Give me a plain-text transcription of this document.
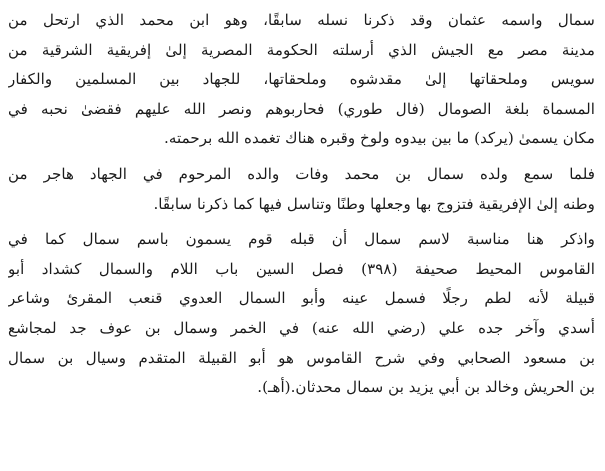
سمال واسمه عثمان وقد ذكرنا نسله سابقًا، وهو ابن محمد الذي ارتحل من
مدينة مصر مع الجيش الذي أرسلته الحكومة المصرية إلىٰ إفريقية الشرقية من
سويس وملحقاتها إلىٰ مقدشوه وملحقاتها، للجهاد بين المسلمين والكفار
المسماة بلغة الصومال (فال طوري) فحاربوهم ونصر الله عليهم فقضىٰ نحبه في
مكان يسمىٰ (يركد) ما بين بيدوه ولوخ وقبره هناك تغمده الله برحمته.

فلما سمع ولده سمال بن محمد وفات والده المرحوم في الجهاد هاجر من
وطنه إلىٰ الإفريقية فتزوج بها وجعلها وطنًا وتناسل فيها كما ذكرنا سابقًا.

واذكر هنا مناسبة لاسم سمال أن قبله قوم يسمون باسم سمال كما في
القاموس المحيط صحيفة (٣٩٨) فصل السين باب اللام والسمال كشداد أبو
قبيلة لأنه لطم رجلًا فسمل عينه وأبو السمال العدوي قنعب المقرئ وشاعر
أسدي وآخر جده علي (رضي الله عنه) في الخمر وسمال بن عوف جد لمجاشع
بن مسعود الصحابي وفي شرح القاموس هو أبو القبيلة المتقدم وسيال بن سمال
بن الحريش وخالد بن أبي يزيد بن سمال محدثان.(أهـ).
